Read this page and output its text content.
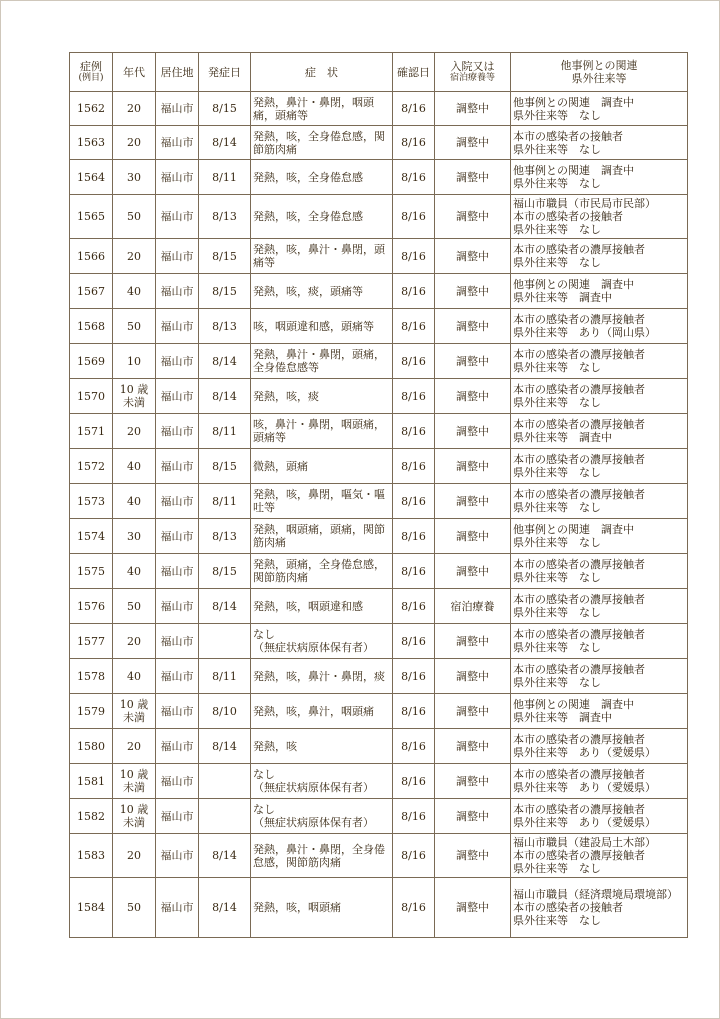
症例
(例目)	年代	居住地	発症日	症　状	確認日	入院又は
宿泊療養等	他事例との関連
県外往来等

1562	20	福山市	8/15	発熱，鼻汁・鼻閉，咽頭痛，頭痛等	8/16	調整中	他事例との関連　調査中
県外往来等　なし
1563	20	福山市	8/14	発熱，咳，全身倦怠感，関節筋肉痛	8/16	調整中	本市の感染者の接触者
県外往来等　なし
1564	30	福山市	8/11	発熱，咳，全身倦怠感	8/16	調整中	他事例との関連　調査中
県外往来等　なし
1565	50	福山市	8/13	発熱，咳，全身倦怠感	8/16	調整中	福山市職員（市民局市民部）
本市の感染者の接触者
県外往来等　なし
1566	20	福山市	8/15	発熱，咳，鼻汁・鼻閉，頭痛等	8/16	調整中	本市の感染者の濃厚接触者
県外往来等　なし
1567	40	福山市	8/15	発熱，咳，痰，頭痛等	8/16	調整中	他事例との関連　調査中
県外往来等　調査中
1568	50	福山市	8/13	咳，咽頭違和感，頭痛等	8/16	調整中	本市の感染者の濃厚接触者
県外往来等　あり（岡山県）
1569	10	福山市	8/14	発熱，鼻汁・鼻閉，頭痛，全身倦怠感等	8/16	調整中	本市の感染者の濃厚接触者
県外往来等　なし
1570	10 歳
未満	福山市	8/14	発熱，咳，痰	8/16	調整中	本市の感染者の濃厚接触者
県外往来等　なし
1571	20	福山市	8/11	咳，鼻汁・鼻閉，咽頭痛，頭痛等	8/16	調整中	本市の感染者の濃厚接触者
県外往来等　調査中
1572	40	福山市	8/15	微熱，頭痛	8/16	調整中	本市の感染者の濃厚接触者
県外往来等　なし
1573	40	福山市	8/11	発熱，咳，鼻閉，嘔気・嘔吐等	8/16	調整中	本市の感染者の濃厚接触者
県外往来等　なし
1574	30	福山市	8/13	発熱，咽頭痛，頭痛，関節筋肉痛	8/16	調整中	他事例との関連　調査中
県外往来等　なし
1575	40	福山市	8/15	発熱，頭痛，全身倦怠感，関節筋肉痛	8/16	調整中	本市の感染者の濃厚接触者
県外往来等　なし
1576	50	福山市	8/14	発熱，咳，咽頭違和感	8/16	宿泊療養	本市の感染者の濃厚接触者
県外往来等　なし
1577	20	福山市		なし
（無症状病原体保有者）	8/16	調整中	本市の感染者の濃厚接触者
県外往来等　なし
1578	40	福山市	8/11	発熱，咳，鼻汁・鼻閉，痰	8/16	調整中	本市の感染者の濃厚接触者
県外往来等　なし
1579	10 歳
未満	福山市	8/10	発熱，咳，鼻汁，咽頭痛	8/16	調整中	他事例との関連　調査中
県外往来等　調査中
1580	20	福山市	8/14	発熱，咳	8/16	調整中	本市の感染者の濃厚接触者
県外往来等　あり（愛媛県）
1581	10 歳
未満	福山市		なし
（無症状病原体保有者）	8/16	調整中	本市の感染者の濃厚接触者
県外往来等　あり（愛媛県）
1582	10 歳
未満	福山市		なし
（無症状病原体保有者）	8/16	調整中	本市の感染者の濃厚接触者
県外往来等　あり（愛媛県）
1583	20	福山市	8/14	発熱，鼻汁・鼻閉，全身倦怠感，関節筋肉痛	8/16	調整中	福山市職員（建設局土木部）
本市の感染者の濃厚接触者
県外往来等　なし
1584	50	福山市	8/14	発熱，咳，咽頭痛	8/16	調整中	福山市職員（経済環境局環境部）
本市の感染者の接触者
県外往来等　なし
